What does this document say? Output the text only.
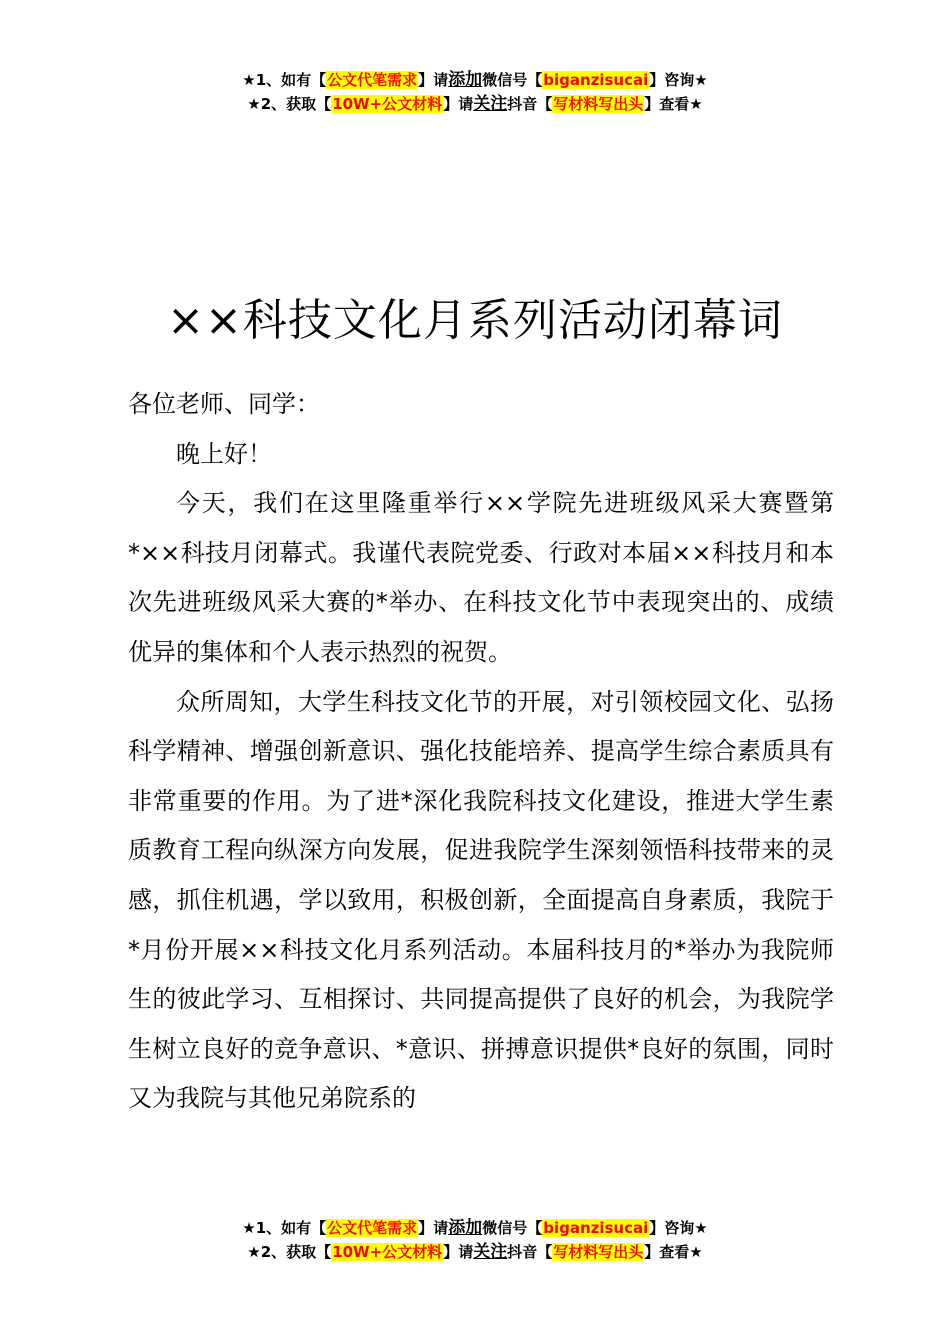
★1、如有【公文代笔需求】请添加微信号【biganzisucai】咨询★
★2、获取【10W+公文材料】请关注抖音【写材料写出头】查看★
××科技文化月系列活动闭幕词

各位老师、同学：

晚上好！

今天，我们在这里隆重举行××学院先进班级风采大赛暨第*××科技月闭幕式。我谨代表院党委、行政对本届××科技月和本次先进班级风采大赛的*举办、在科技文化节中表现突出的、成绩优异的集体和个人表示热烈的祝贺。

众所周知，大学生科技文化节的开展，对引领校园文化、弘扬科学精神、增强创新意识、强化技能培养、提高学生综合素质具有非常重要的作用。为了进*深化我院科技文化建设，推进大学生素质教育工程向纵深方向发展，促进我院学生深刻领悟科技带来的灵感，抓住机遇，学以致用，积极创新，全面提高自身素质，我院于*月份开展××科技文化月系列活动。本届科技月的*举办为我院师生的彼此学习、互相探讨、共同提高提供了良好的机会，为我院学生树立良好的竞争意识、*意识、拼搏意识提供*良好的氛围，同时又为我院与其他兄弟院系的

★1、如有【公文代笔需求】请添加微信号【biganzisucai】咨询★
★2、获取【10W+公文材料】请关注抖音【写材料写出头】查看★
